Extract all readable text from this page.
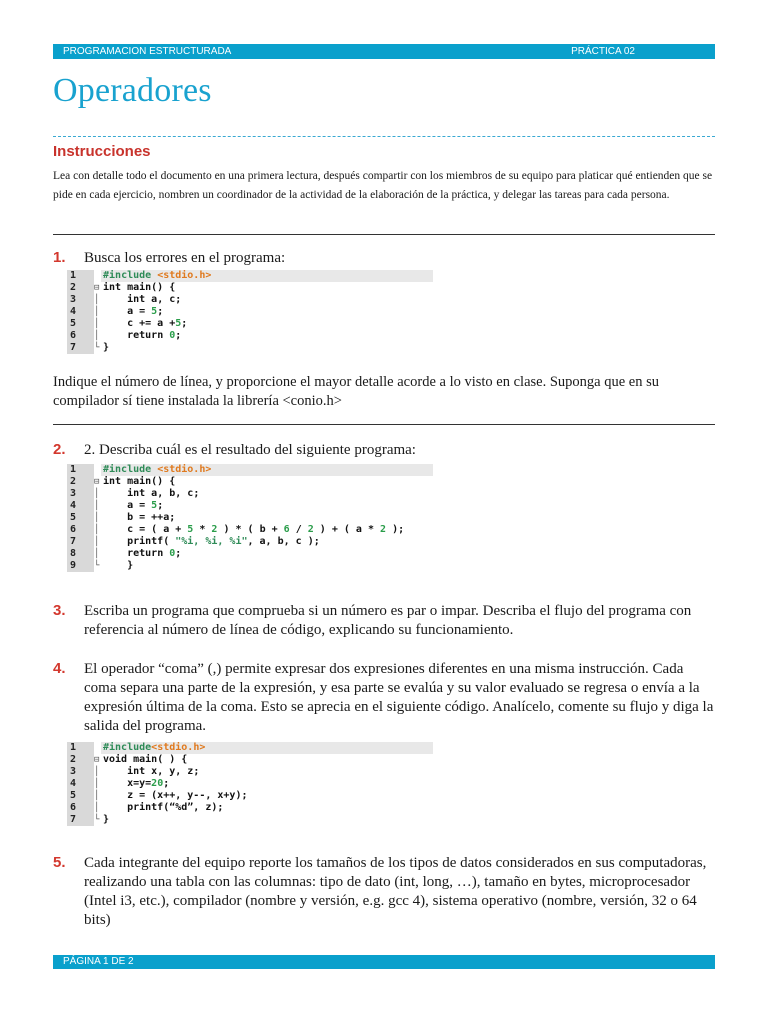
PROGRAMACION ESTRUCTURADA	PRÁCTICA 02
Operadores
Instrucciones
Lea con detalle todo el documento en una primera lectura, después compartir con los miembros de su equipo para platicar qué entienden que se pide en cada ejercicio, nombren un coordinador de la actividad de la elaboración de la práctica, y delegar las tareas para cada persona.
1. Busca los errores en el programa:
1	#include <stdio.h>
2	⊟ int main() {
3	│	int a, c;
4	│ a = 5;
5	│ c += a +5;
6	│	return 0;
7	└ }
Indique el número de línea, y proporcione el mayor detalle acorde a lo visto en clase. Suponga que en su compilador sí tiene instalada la librería <conio.h>
2. 2. Describa cuál es el resultado del siguiente programa:
1	#include <stdio.h>
2	⊟ int main() {
3	│	int a, b, c;
4	│ a = 5;
5	│ b = ++a;
6	│ c = ( a + 5 * 2 ) * ( b + 6 / 2 ) + ( a * 2 );
7	│ printf( "%i, %i, %i", a, b, c );
8	│	return 0;
9	└ }
3. Escriba un programa que comprueba si un número es par o impar. Describa el flujo del programa con referencia al número de línea de código, explicando su funcionamiento.
4. El operador “coma” (,) permite expresar dos expresiones diferentes en una misma instrucción. Cada coma separa una parte de la expresión, y esa parte se evalúa y su valor evaluado se regresa o envía a la expresión última de la coma. Esto se aprecia en el siguiente código. Analícelo, comente su flujo y diga la salida del programa.
1	#include<stdio.h>
2	⊟ void main( ) {
3	│	int x, y, z;
4	│ x=y=20;
5	│ z = (x++, y--, x+y);
6	│ printf(“%d”, z);
7	└ }
5. Cada integrante del equipo reporte los tamaños de los tipos de datos considerados en sus computadoras, realizando una tabla con las columnas: tipo de dato (int, long, …), tamaño en bytes, microprocesador (Intel i3, etc.), compilador (nombre y versión, e.g. gcc 4), sistema operativo (nombre, versión, 32 o 64 bits)
PÁGINA 1 DE 2
